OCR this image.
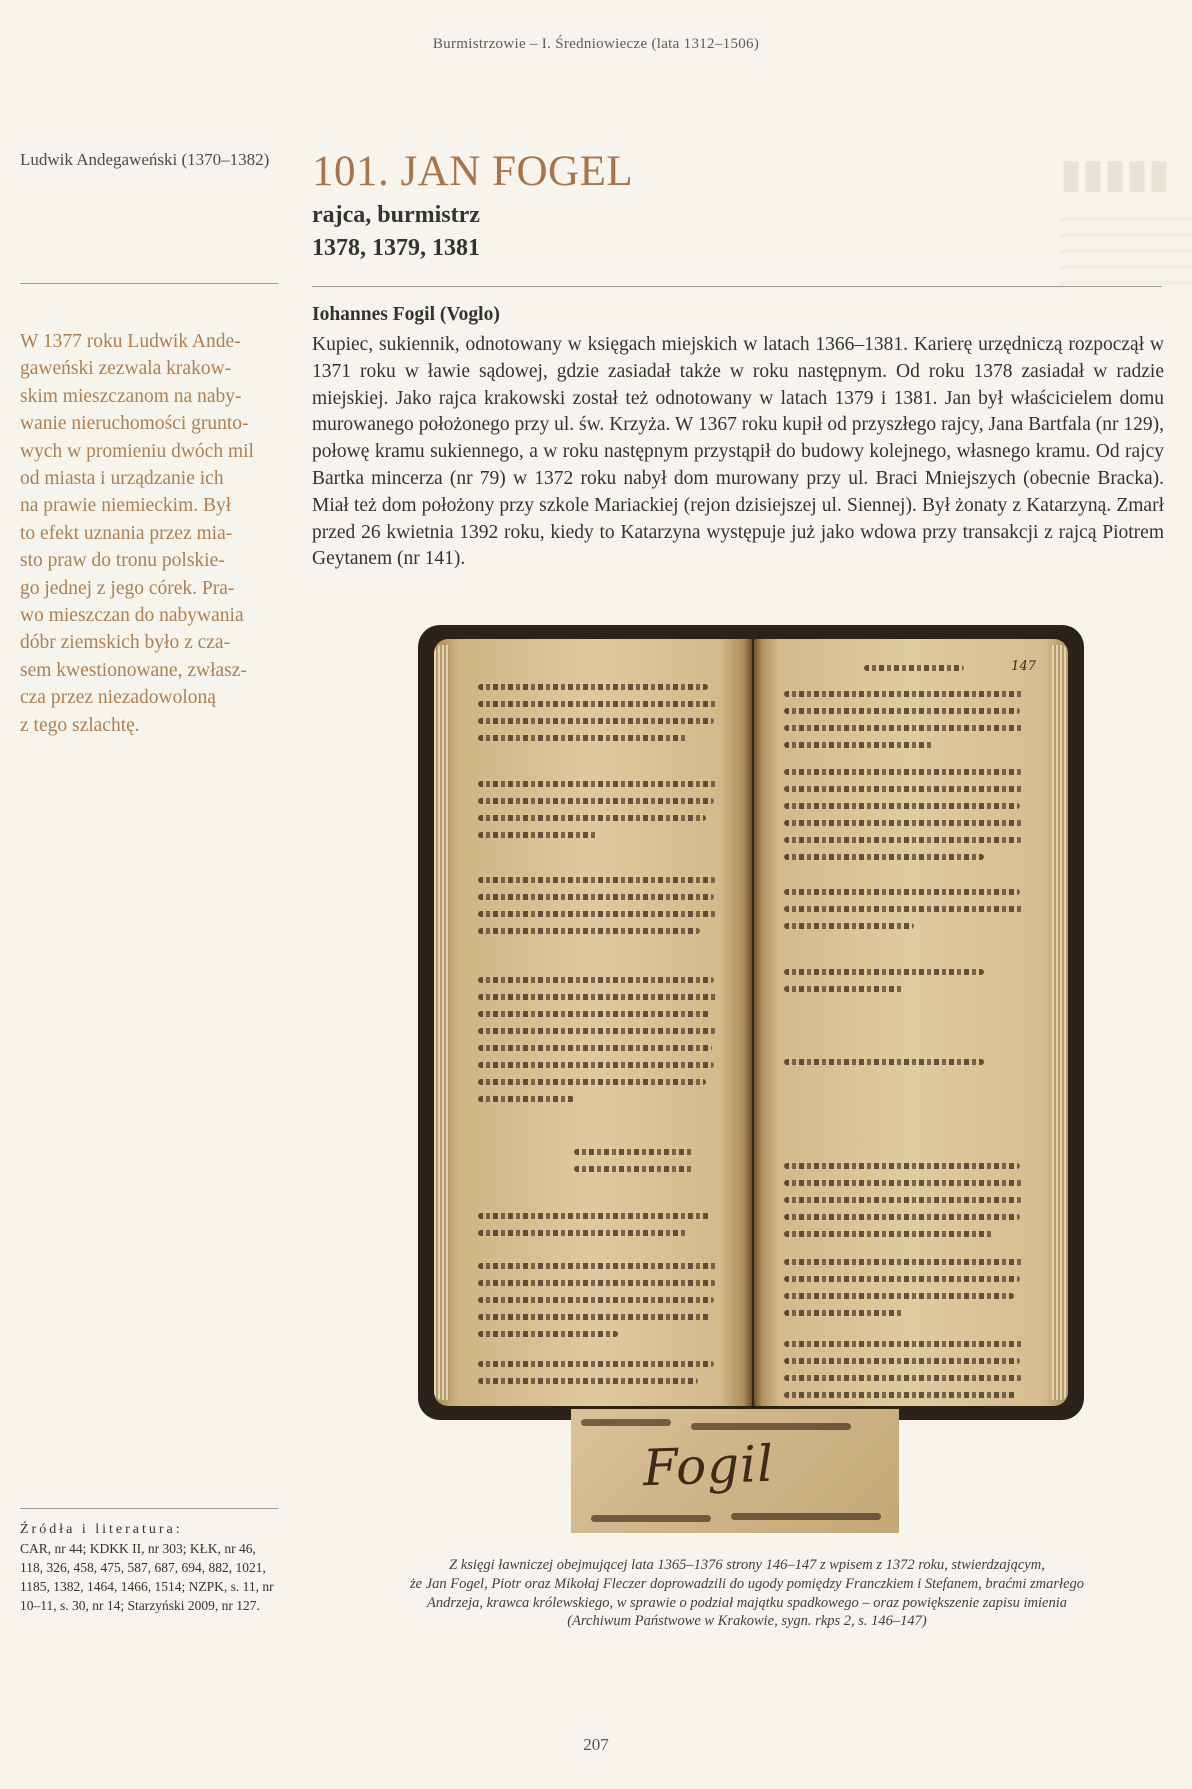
Burmistrzowie – I. Średniowiecze (lata 1312–1506)
▮▮▮▮▮
Ludwik Andegaweński (1370–1382)

W 1377 roku Ludwik Ande-

gaweński zezwala krakow-

skim mieszczanom na naby-

wanie nieruchomości grunto-

wych w promieniu dwóch mil

od miasta i urządzanie ich

na prawie niemieckim. Był

to efekt uznania przez mia-

sto praw do tronu polskie-

go jednej z jego córek. Pra-

wo mieszczan do nabywania

dóbr ziemskich było z cza-

sem kwestionowane, zwłasz-

cza przez niezadowoloną

z tego szlachtę.

Źródła i literatura:
CAR, nr 44; KDKK II, nr 303; KŁK, nr 46, 118, 326, 458, 475, 587, 687, 694, 882, 1021, 1185, 1382, 1464, 1466, 1514; NZPK, s. 11, nr 10–11, s. 30, nr 14; Starzyński 2009, nr 127.
101. JAN FOGEL
rajca, burmistrz
1378, 1379, 1381
Iohannes Fogil (Voglo)
Kupiec, sukiennik, odnotowany w księgach miejskich w latach 1366–1381. Karierę urzędniczą rozpoczął w 1371 roku w ławie sądowej, gdzie zasiadał także w roku następnym. Od roku 1378 zasiadał w radzie miejskiej. Jako rajca krakowski został też odnotowany w latach 1379 i 1381. Jan był właścicielem domu murowanego położonego przy ul. św. Krzyża. W 1367 roku kupił od przyszłego rajcy, Jana Bartfala (nr 129), połowę kramu sukiennego, a w roku następnym przystąpił do budowy kolejnego, własnego kramu. Od rajcy Bartka mincerza (nr 79) w 1372 roku nabył dom murowany przy ul. Braci Mniejszych (obecnie Bracka). Miał też dom położony przy szkole Mariackiej (rejon dzisiejszej ul. Siennej). Był żonaty z Katarzyną. Zmarł przed 26 kwietnia 1392 roku, kiedy to Katarzyna występuje już jako wdowa przy transakcji z rajcą Piotrem Geytanem (nr 141).
147
Fogil

Z księgi ławniczej obejmującej lata 1365–1376 strony 146–147 z wpisem z 1372 roku, stwierdzającym,

że Jan Fogel, Piotr oraz Mikołaj Fleczer doprowadzili do ugody pomiędzy Franczkiem i Stefanem, braćmi zmarłego

Andrzeja, krawca królewskiego, w sprawie o podział majątku spadkowego – oraz powiększenie zapisu imienia

(Archiwum Państwowe w Krakowie, sygn. rkps 2, s. 146–147)

207
